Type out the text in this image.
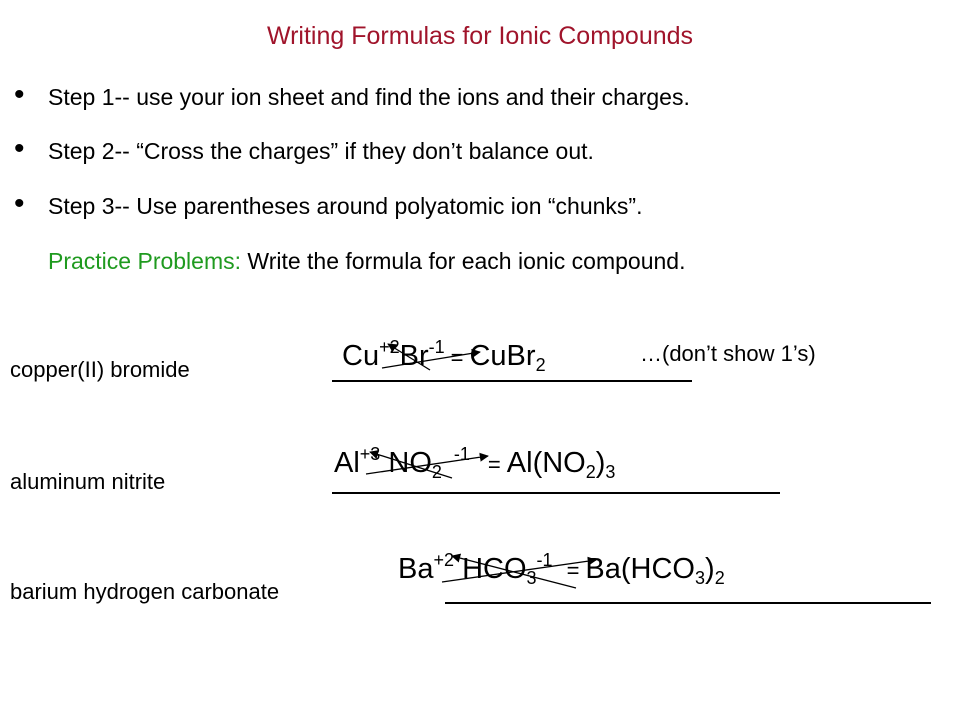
Writing Formulas for Ionic Compounds
• Step 1-- use your ion sheet and find the ions and their charges.
• Step 2-- “Cross the charges” if they don’t balance out.
• Step 3-- Use parentheses around polyatomic ion “chunks”.
Practice Problems: Write the formula for each ionic compound.
copper(II) bromide	$Cu^{+2}Br^{-1}$ = CuBr$_2$	…(don’t show 1’s)
aluminum nitrite
$Al^{+3}$ $NO_2^{-1} = Al(NO_2)_3$
barium hydrogen carbonate
$Ba^{+2}$ $HCO_3^{-1} = Ba(HCO_3)_2$
